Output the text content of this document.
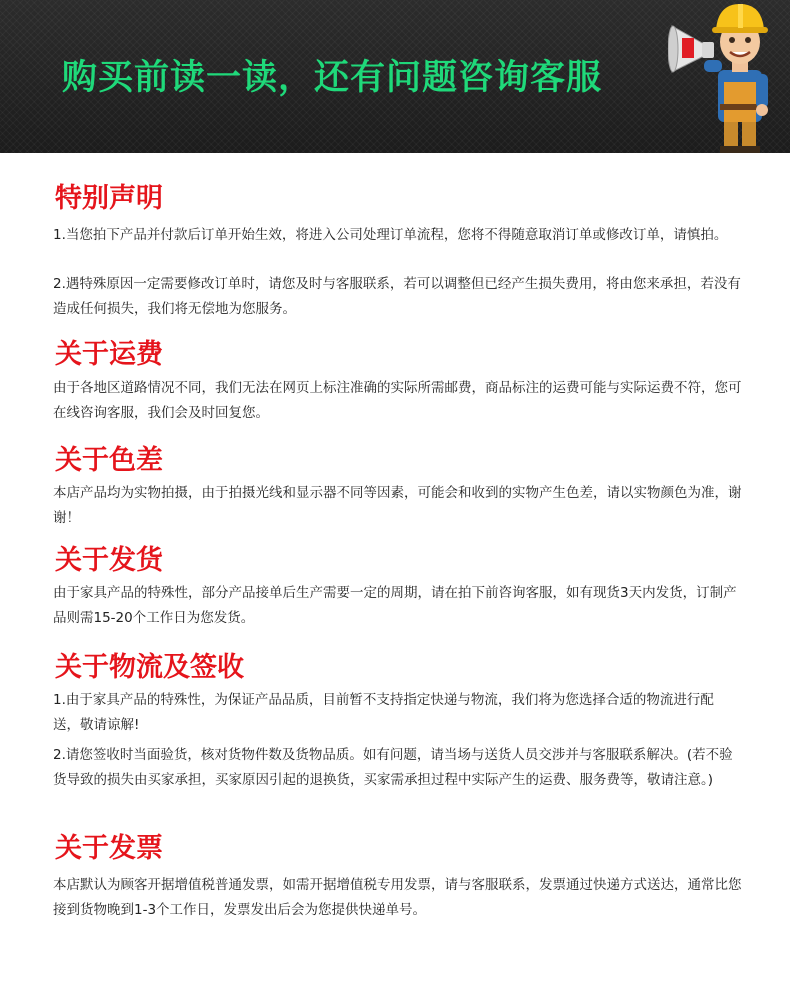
购买前读一读，还有问题咨询客服
特别声明

1.当您拍下产品并付款后订单开始生效，将进入公司处理订单流程，您将不得随意取消订单或修改订单，请慎拍。

2.遇特殊原因一定需要修改订单时，请您及时与客服联系，若可以调整但已经产生损失费用，将由您来承担，若没有造成任何损失，我们将无偿地为您服务。

关于运费

由于各地区道路情况不同，我们无法在网页上标注准确的实际所需邮费，商品标注的运费可能与实际运费不符，您可在线咨询客服，我们会及时回复您。

关于色差

本店产品均为实物拍摄，由于拍摄光线和显示器不同等因素，可能会和收到的实物产生色差，请以实物颜色为准，谢谢！

关于发货

由于家具产品的特殊性，部分产品接单后生产需要一定的周期，请在拍下前咨询客服，如有现货3天内发货，订制产品则需15-20个工作日为您发货。

关于物流及签收

1.由于家具产品的特殊性，为保证产品品质，目前暂不支持指定快递与物流，我们将为您选择合适的物流进行配 送，敬请谅解!

2.请您签收时当面验货，核对货物件数及货物品质。如有问题，请当场与送货人员交涉并与客服联系解决。(若不验货导致的损失由买家承担，买家原因引起的退换货，买家需承担过程中实际产生的运费、服务费等，敬请注意。)

关于发票

本店默认为顾客开据增值税普通发票，如需开据增值税专用发票，请与客服联系，发票通过快递方式送达，通常比您接到货物晚到1-3个工作日，发票发出后会为您提供快递单号。
